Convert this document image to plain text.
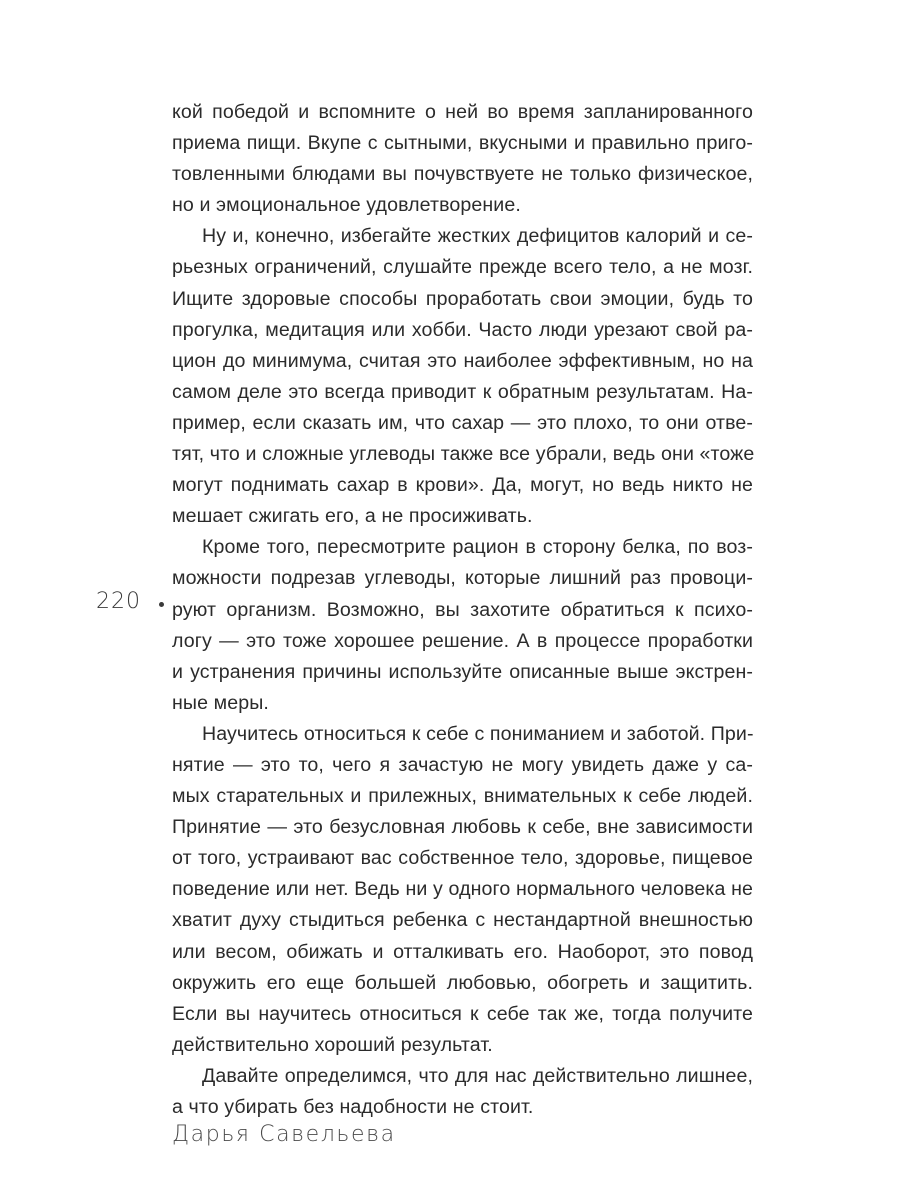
кой победой и вспомните о ней во время запланированного
приема пищи. Вкупе с сытными, вкусными и правильно приго-
товленными блюдами вы почувствуете не только физическое,
но и эмоциональное удовлетворение.
Ну и, конечно, избегайте жестких дефицитов калорий и се-
рьезных ограничений, слушайте прежде всего тело, а не мозг.
Ищите здоровые способы проработать свои эмоции, будь то
прогулка, медитация или хобби. Часто люди урезают свой ра-
цион до минимума, считая это наиболее эффективным, но на
самом деле это всегда приводит к обратным результатам. На-
пример, если сказать им, что сахар — это плохо, то они отве-
тят, что и сложные углеводы также все убрали, ведь они «тоже
могут поднимать сахар в крови». Да, могут, но ведь никто не
мешает сжигать его, а не просиживать.
Кроме того, пересмотрите рацион в сторону белка, по воз-
можности подрезав углеводы, которые лишний раз провоци-
руют организм. Возможно, вы захотите обратиться к психо-
логу — это тоже хорошее решение. А в процессе проработки
и устранения причины используйте описанные выше экстрен-
ные меры.
Научитесь относиться к себе с пониманием и заботой. При-
нятие — это то, чего я зачастую не могу увидеть даже у са-
мых старательных и прилежных, внимательных к себе людей.
Принятие — это безусловная любовь к себе, вне зависимости
от того, устраивают вас собственное тело, здоровье, пищевое
поведение или нет. Ведь ни у одного нормального человека не
хватит духу стыдиться ребенка с нестандартной внешностью
или весом, обижать и отталкивать его. Наоборот, это повод
окружить его еще большей любовью, обогреть и защитить.
Если вы научитесь относиться к себе так же, тогда получите
действительно хороший результат.
Давайте определимся, что для нас действительно лишнее,
а что убирать без надобности не стоит.
220
Дарья Савельева
